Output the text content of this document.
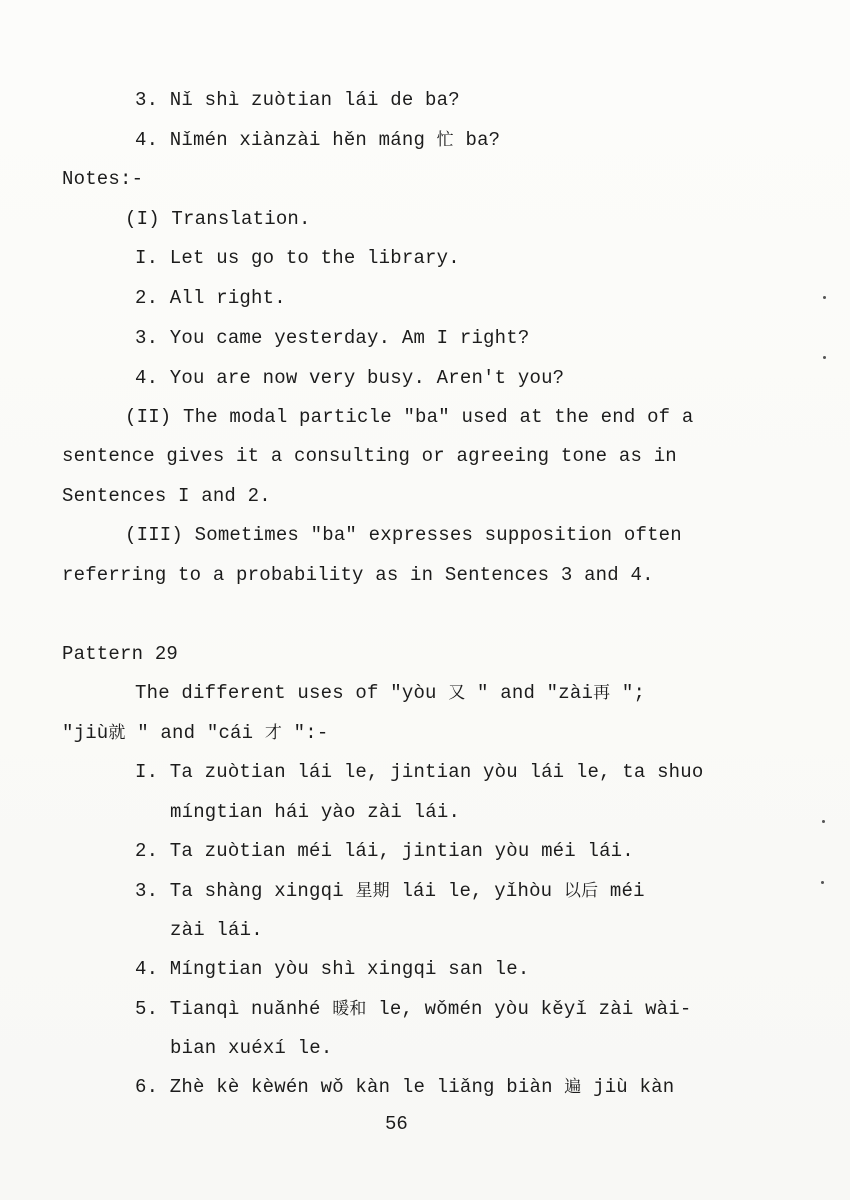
3. Nǐ shì zuòtian lái de ba?
4. Nǐmén xiànzài hěn máng 忙 ba?
Notes:-
(I) Translation.
I. Let us go to the library.
2. All right.
3. You came yesterday. Am I right?
4. You are now very busy. Aren't you?
(II) The modal particle "ba" used at the end of a
sentence gives it a consulting or agreeing tone as in
Sentences I and 2.
(III) Sometimes "ba" expresses supposition often
referring to a probability as in Sentences 3 and 4.
Pattern 29
The different uses of "yòu 又 " and "zài再 ";
"jiù就 " and "cái 才 ":-
I. Ta zuòtian lái le, jintian yòu lái le, ta shuo
míngtian hái yào zài lái.
2. Ta zuòtian méi lái, jintian yòu méi lái.
3. Ta shàng xingqi 星期 lái le, yǐhòu 以后 méi
zài lái.
4. Míngtian yòu shì xingqi san le.
5. Tianqì nuǎnhé 暖和 le, wǒmén yòu kěyǐ zài wài-
bian xuéxí le.
6. Zhè kè kèwén wǒ kàn le liǎng biàn 遍 jiù kàn
56
